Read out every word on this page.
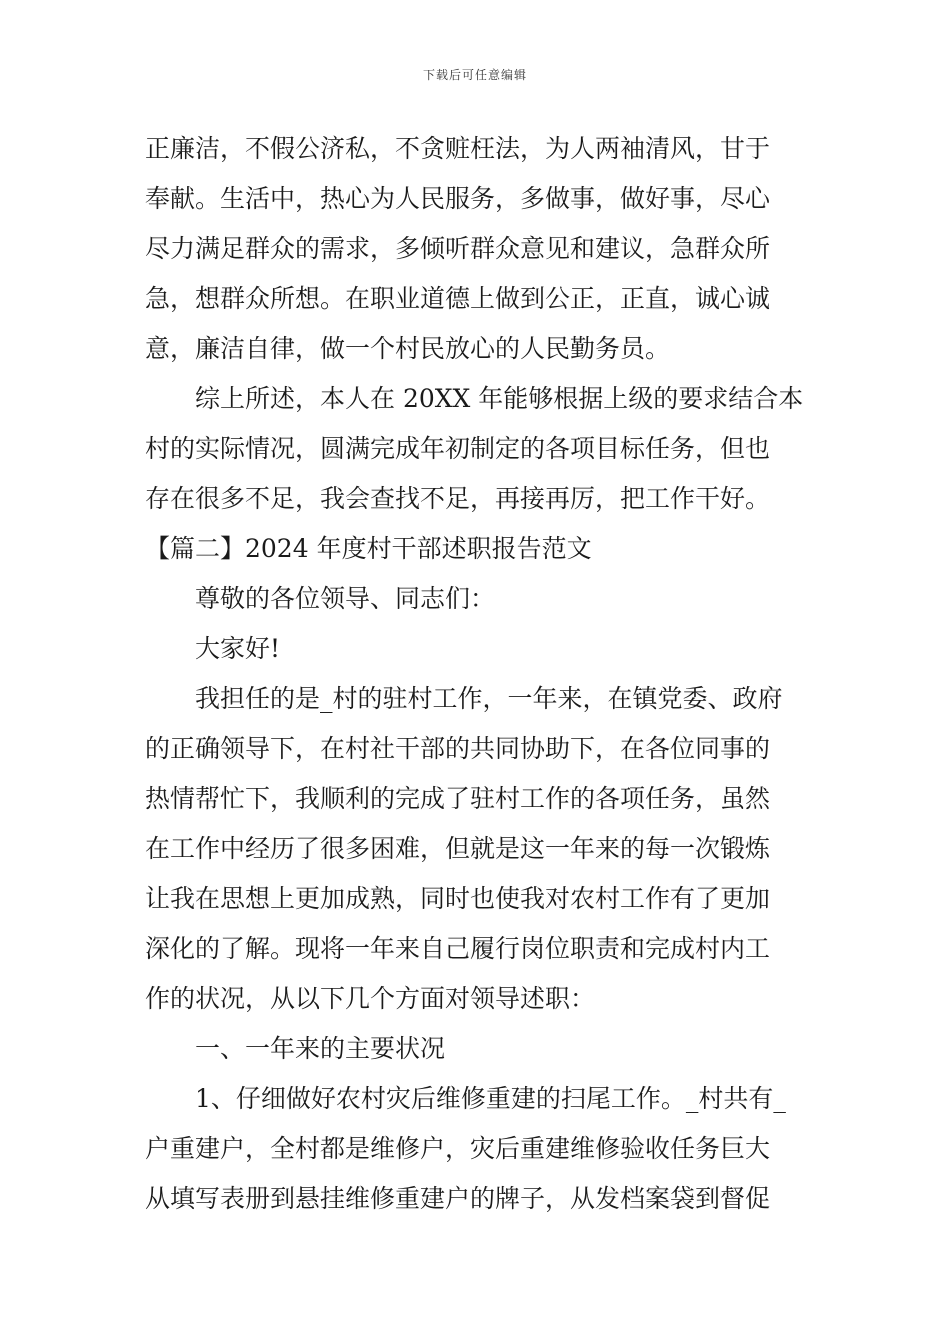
下载后可任意编辑
正廉洁，不假公济私，不贪赃枉法，为人两袖清风，甘于
奉献。生活中，热心为人民服务，多做事，做好事，尽心
尽力满足群众的需求，多倾听群众意见和建议，急群众所
急，想群众所想。在职业道德上做到公正，正直，诚心诚
意，廉洁自律，做一个村民放心的人民勤务员。
综上所述，本人在 20XX 年能够根据上级的要求结合本
村的实际情况，圆满完成年初制定的各项目标任务，但也
存在很多不足，我会查找不足，再接再厉，把工作干好。
【篇二】2024 年度村干部述职报告范文
尊敬的各位领导、同志们：
大家好!
我担任的是_村的驻村工作，一年来，在镇党委、政府
的正确领导下，在村社干部的共同协助下，在各位同事的
热情帮忙下，我顺利的完成了驻村工作的各项任务，虽然
在工作中经历了很多困难，但就是这一年来的每一次锻炼
让我在思想上更加成熟，同时也使我对农村工作有了更加
深化的了解。现将一年来自己履行岗位职责和完成村内工
作的状况，从以下几个方面对领导述职：
一、一年来的主要状况
1、仔细做好农村灾后维修重建的扫尾工作。_村共有_
户重建户，全村都是维修户，灾后重建维修验收任务巨大
从填写表册到悬挂维修重建户的牌子，从发档案袋到督促
